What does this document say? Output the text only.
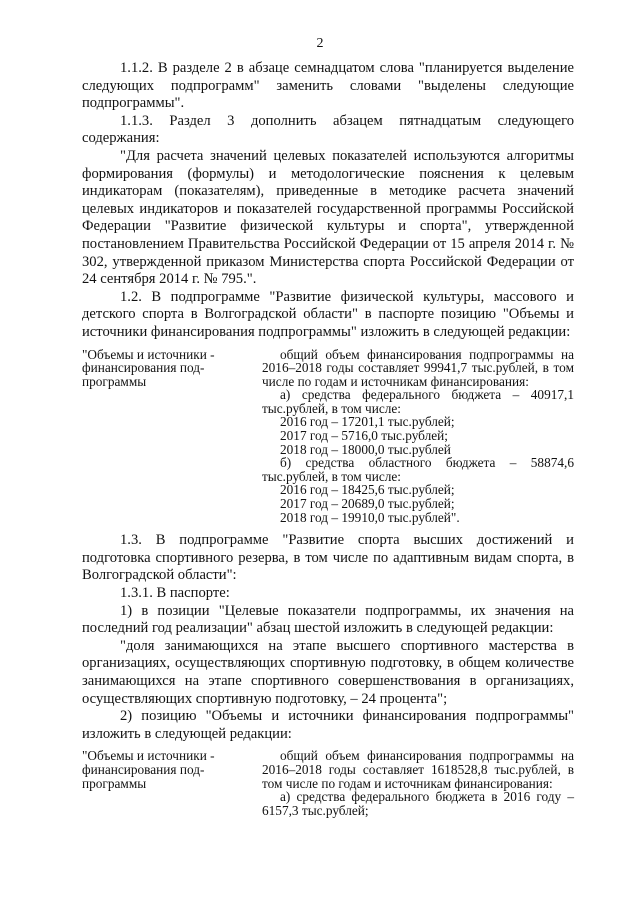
2

1.1.2. В разделе 2 в абзаце семнадцатом слова "планируется выделение следующих подпрограмм" заменить словами "выделены следующие подпрограммы".

1.1.3. Раздел 3 дополнить абзацем пятнадцатым следующего содержания:

"Для расчета значений целевых показателей используются алгоритмы формирования (формулы) и методологические пояснения к целевым индикаторам (показателям), приведенные в методике расчета значений целевых индикаторов и показателей государственной программы Российской Федерации "Развитие физической культуры и спорта", утвержденной постановлением Правительства Российской Федерации от 15 апреля 2014 г. № 302, утвержденной приказом Министерства спорта Российской Федерации от 24 сентября 2014 г. № 795.".

1.2. В подпрограмме "Развитие физической культуры, массового и детского спорта в Волгоградской области" в паспорте позицию "Объемы и источники финансирования подпрограммы" изложить в следующей редакции:

"Объемы и источники - финансирования под- программы
общий объем финансирования подпрограммы на 2016–2018 годы составляет 99941,7 тыс.рублей, в том числе по годам и источникам финансирования:
а) средства федерального бюджета – 40917,1 тыс.рублей, в том числе:
2016 год – 17201,1 тыс.рублей;
2017 год – 5716,0 тыс.рублей;
2018 год – 18000,0 тыс.рублей
б) средства областного бюджета – 58874,6 тыс.рублей, в том числе:
2016 год – 18425,6 тыс.рублей;
2017 год – 20689,0 тыс.рублей;
2018 год – 19910,0 тыс.рублей".

1.3. В подпрограмме "Развитие спорта высших достижений и подготовка спортивного резерва, в том числе по адаптивным видам спорта, в Волгоградской области":

1.3.1. В паспорте:

1) в позиции "Целевые показатели подпрограммы, их значения на последний год реализации" абзац шестой изложить в следующей редакции:

"доля занимающихся на этапе высшего спортивного мастерства в организациях, осуществляющих спортивную подготовку, в общем количестве занимающихся на этапе спортивного совершенствования в организациях, осуществляющих спортивную подготовку, – 24 процента";

2) позицию "Объемы и источники финансирования подпрограммы" изложить в следующей редакции:

"Объемы и источники - финансирования под- программы
общий объем финансирования подпрограммы на 2016–2018 годы составляет 1618528,8 тыс.рублей, в том числе по годам и источникам финансирования:
а) средства федерального бюджета в 2016 году – 6157,3 тыс.рублей;
